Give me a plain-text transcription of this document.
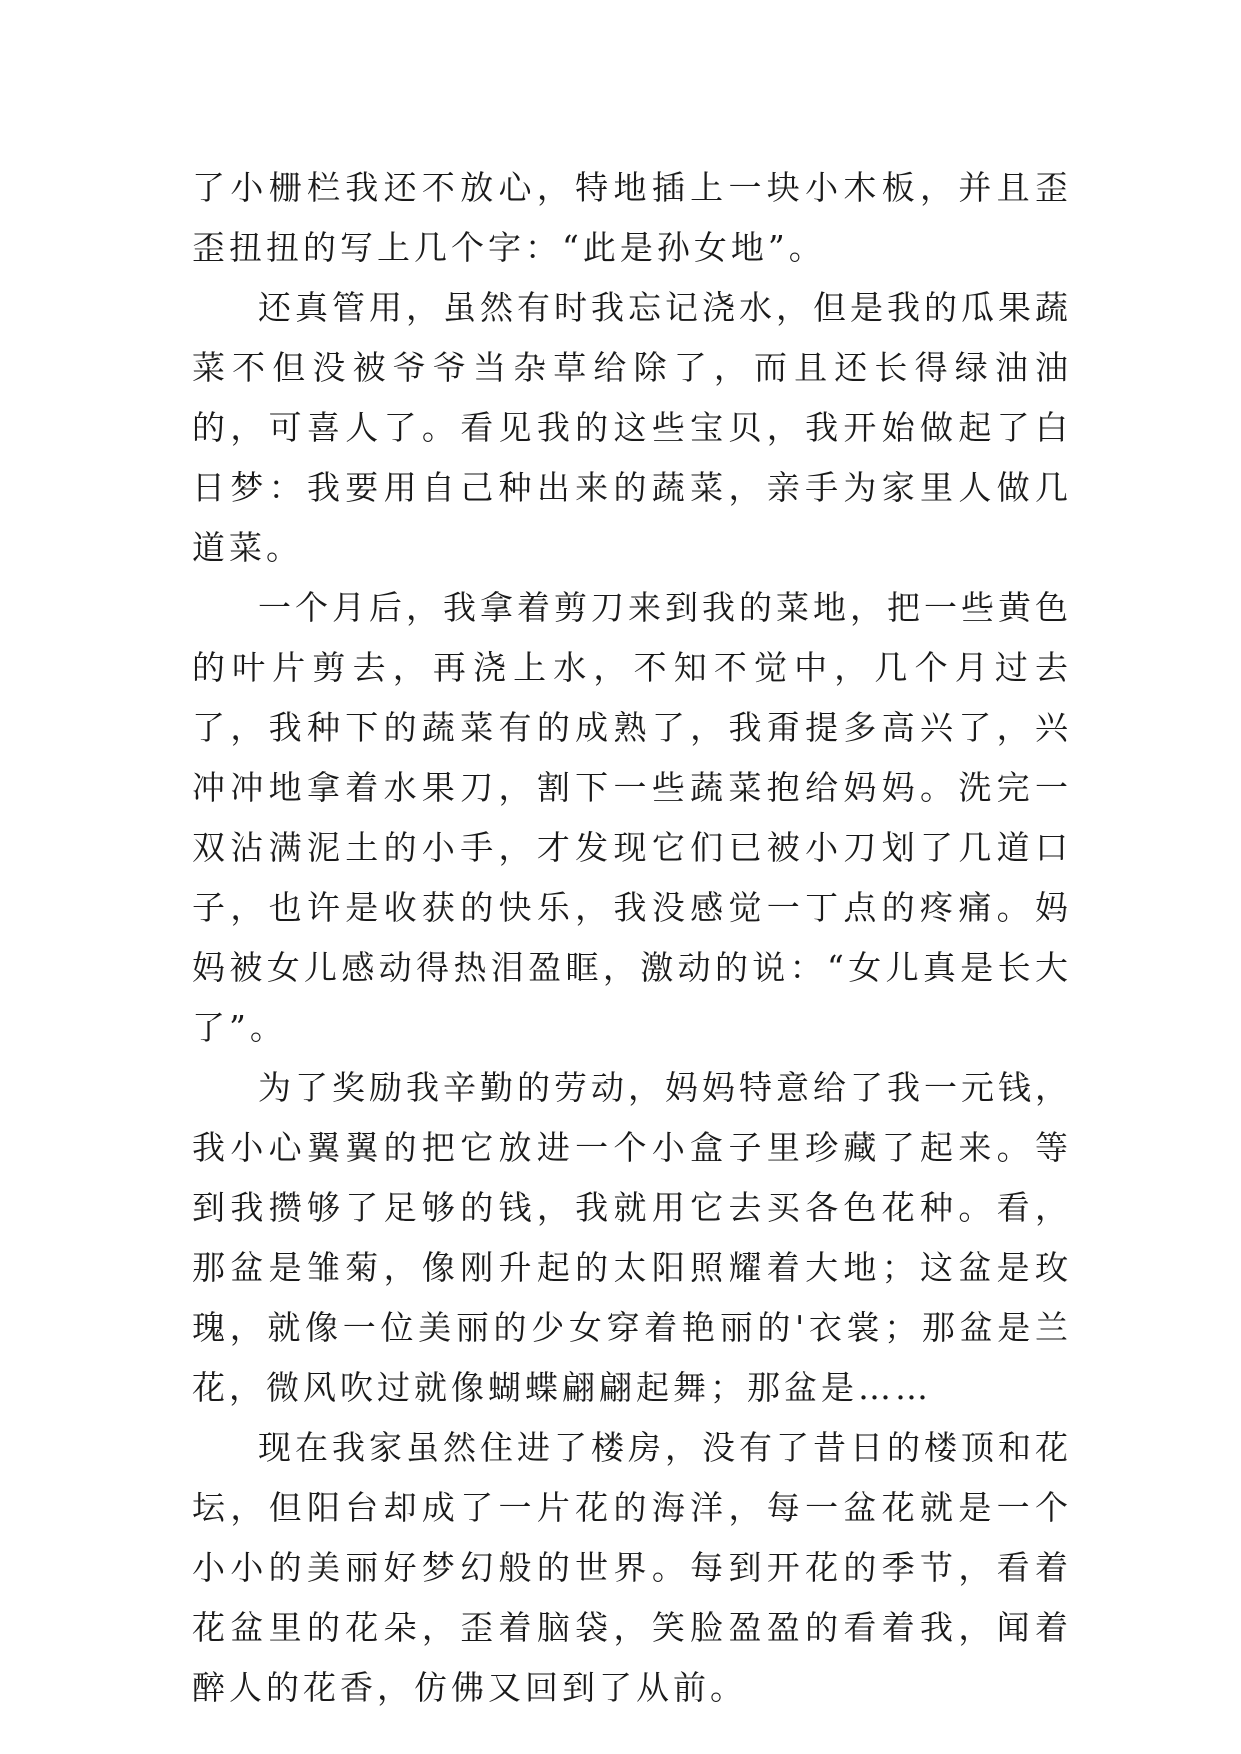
了小栅栏我还不放心，特地插上一块小木板，并且歪歪扭扭的写上几个字：“此是孙女地”。

还真管用，虽然有时我忘记浇水，但是我的瓜果蔬菜不但没被爷爷当杂草给除了，而且还长得绿油油的，可喜人了。看见我的这些宝贝，我开始做起了白日梦：我要用自己种出来的蔬菜，亲手为家里人做几道菜。

一个月后，我拿着剪刀来到我的菜地，把一些黄色的叶片剪去，再浇上水，不知不觉中，几个月过去了，我种下的蔬菜有的成熟了，我甭提多高兴了，兴冲冲地拿着水果刀，割下一些蔬菜抱给妈妈。洗完一双沾满泥土的小手，才发现它们已被小刀划了几道口子，也许是收获的快乐，我没感觉一丁点的疼痛。妈妈被女儿感动得热泪盈眶，激动的说：“女儿真是长大了”。

为了奖励我辛勤的劳动，妈妈特意给了我一元钱，我小心翼翼的把它放进一个小盒子里珍藏了起来。等到我攒够了足够的钱，我就用它去买各色花种。看，那盆是雏菊，像刚升起的太阳照耀着大地；这盆是玫瑰，就像一位美丽的少女穿着艳丽的'衣裳；那盆是兰花，微风吹过就像蝴蝶翩翩起舞；那盆是……

现在我家虽然住进了楼房，没有了昔日的楼顶和花坛，但阳台却成了一片花的海洋，每一盆花就是一个小小的美丽好梦幻般的世界。每到开花的季节，看着花盆里的花朵，歪着脑袋，笑脸盈盈的看着我，闻着醉人的花香，仿佛又回到了从前。
